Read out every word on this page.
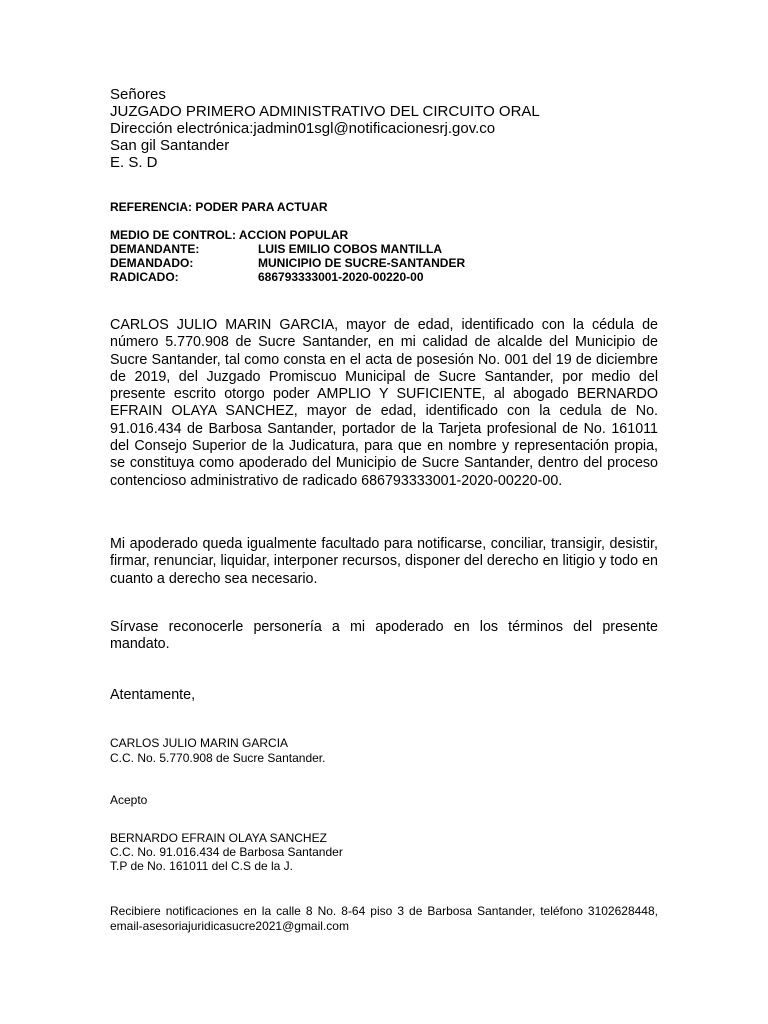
Señores
JUZGADO PRIMERO ADMINISTRATIVO DEL CIRCUITO ORAL
Dirección electrónica:jadmin01sgl@notificacionesrj.gov.co
San gil Santander
E. S. D
REFERENCIA: PODER PARA ACTUAR
MEDIO DE CONTROL: ACCION POPULAR
DEMANDANTE:	LUIS EMILIO COBOS MANTILLA
DEMANDADO:	MUNICIPIO DE SUCRE-SANTANDER
RADICADO:	686793333001-2020-00220-00
CARLOS JULIO MARIN GARCIA, mayor de edad, identificado con la cédula de número 5.770.908 de Sucre Santander, en mi calidad de alcalde del Municipio de Sucre Santander, tal como consta en el acta de posesión No. 001 del 19 de diciembre de 2019, del Juzgado Promiscuo Municipal de Sucre Santander, por medio del presente escrito otorgo poder AMPLIO Y SUFICIENTE, al abogado BERNARDO EFRAIN OLAYA SANCHEZ, mayor de edad, identificado con la cedula de No. 91.016.434 de Barbosa Santander, portador de la Tarjeta profesional de No. 161011 del Consejo Superior de la Judicatura, para que en nombre y representación propia, se constituya como apoderado del Municipio de Sucre Santander, dentro del proceso contencioso administrativo de radicado 686793333001-2020-00220-00.
Mi apoderado queda igualmente facultado para notificarse, conciliar, transigir, desistir, firmar, renunciar, liquidar, interponer recursos, disponer del derecho en litigio y todo en cuanto a derecho sea necesario.
Sírvase reconocerle personería a mi apoderado en los términos del presente mandato.
Atentamente,
CARLOS JULIO MARIN GARCIA
C.C. No. 5.770.908 de Sucre Santander.
Acepto
BERNARDO EFRAIN OLAYA SANCHEZ
C.C. No. 91.016.434 de Barbosa Santander
T.P de No. 161011 del C.S de la J.
Recibiere notificaciones en la calle 8 No. 8-64 piso 3 de Barbosa Santander, teléfono 3102628448, email-asesoriajuridicasucre2021@gmail.com
